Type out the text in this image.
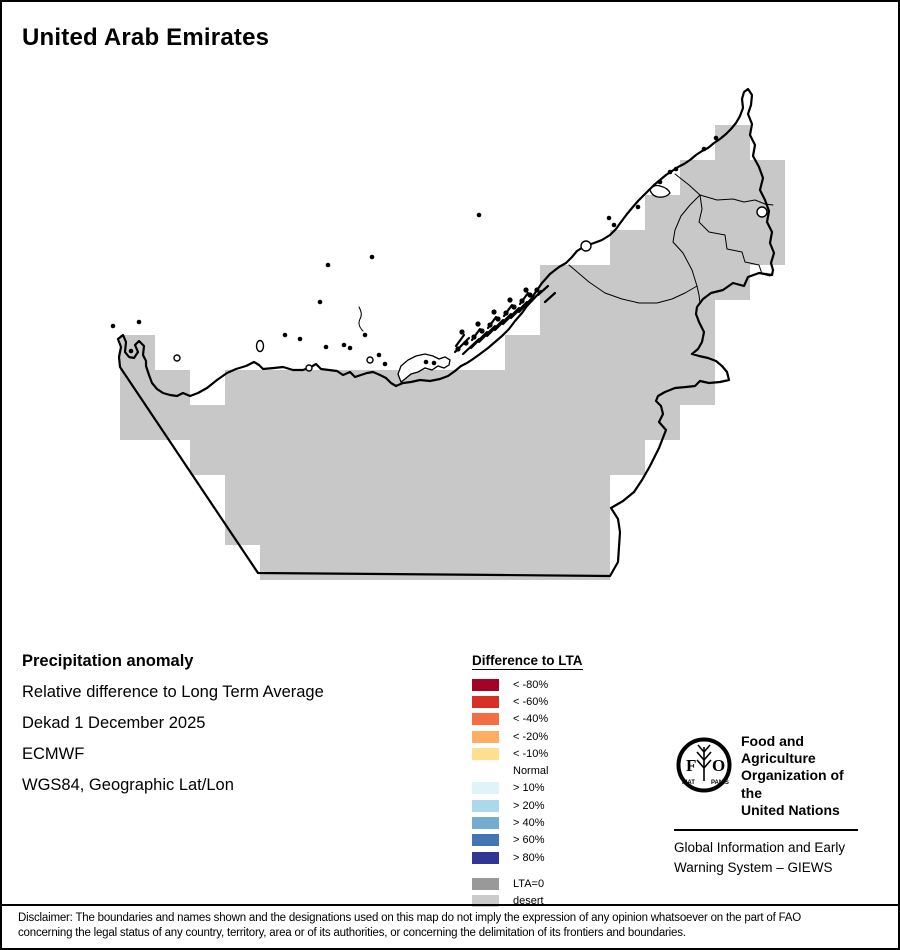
United Arab Emirates
Precipitation anomaly
Relative difference to Long Term Average
Dekad 1 December 2025
ECMWF
WGS84, Geographic Lat/Lon
Difference to LTA
< -80%
< -60%
< -40%
< -20%
< -10%
Normal
> 10%
> 20%
> 40%
> 60%
> 80%
LTA=0
desert
F O
FIAT	PANIS
Food and Agriculture
Organization of the
United Nations
Global Information and Early
Warning System – GIEWS
Disclaimer: The boundaries and names shown and the designations used on this map do not imply the expression of any opinion whatsoever on the part of FAO
concerning the legal status of any country, territory, area or of its authorities, or concerning the delimitation of its frontiers and boundaries.
